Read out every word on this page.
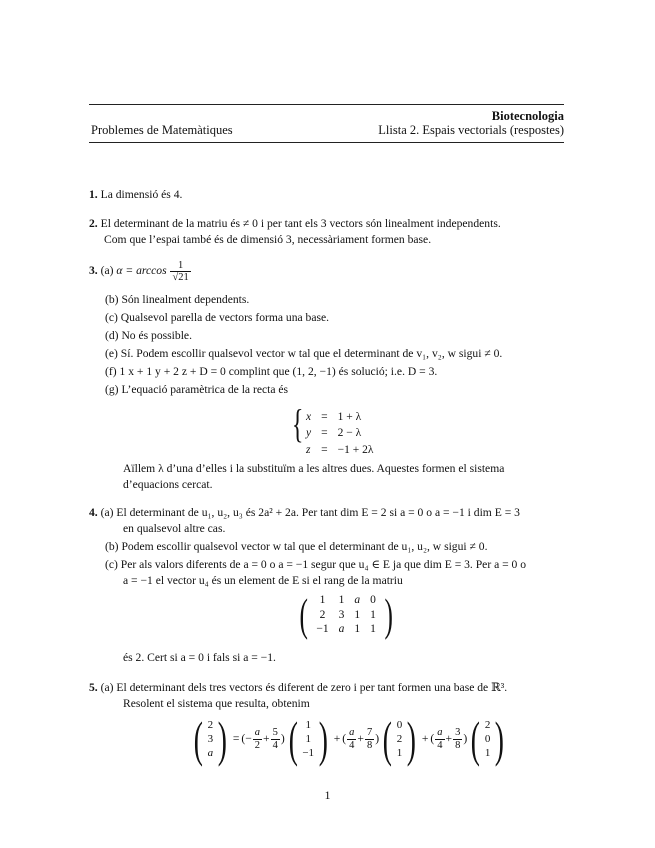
Biotecnologia
Problemes de Matemàtiques	Llista 2. Espais vectorials (respostes)
1. La dimensió és 4.
2. El determinant de la matriu és ≠ 0 i per tant els 3 vectors són linealment independents.
Com que l’espai també és de dimensió 3, necessàriament formen base.
3. (a) $\alpha = \arccos \frac{1}{√21}$
(b) Són linealment dependents.
(c) Qualsevol parella de vectors forma una base.
(d) No és possible.
(e) Sí. Podem escollir qualsevol vector w tal que el determinant de v₁, v₂, w sigui ≠ 0.
(f) 1 x + 1 y + 2 z + D = 0 complint que (1, 2, −1) és solució; i.e. D = 3.
(g) L’equació paramètrica de la recta és
{ x	=	1 + λ
y	=	2 − λ
z	=	−1 + 2λ
Aïllem λ d’una d’elles i la substituïm a les altres dues. Aquestes formen el sistema
d’equacions cercat.
4. (a) El determinant de u₁, u₂, u₃ és 2a² + 2a. Per tant dim E = 2 si a = 0 o a = −1 i dim E = 3
en qualsevol altre cas.
(b) Podem escollir qualsevol vector w tal que el determinant de u₁, u₂, w sigui ≠ 0.
(c) Per als valors diferents de a = 0 o a = −1 segur que u₄ ∈ E ja que dim E = 3. Per a = 0 o
a = −1 el vector u₄ és un element de E si el rang de la matriu
( 1	1	a	0
2	3	1	1
−1	a	1	1 )
és 2. Cert si a = 0 i fals si a = −1.
5. (a) El determinant dels tres vectors és diferent de zero i per tant formen una base de ℝ³.
Resolent el sistema que resulta, obtenim
( 2
3
a ) = (− $\frac{a}{2} + \frac{5}{4}$ ) ( 1
1
−1 ) + ( $\frac{a}{4} + \frac{7}{8}$ ) ( 0
2
1 ) + ( $\frac{a}{4} + \frac{3}{8}$ ) ( 2
0
1 )
1
